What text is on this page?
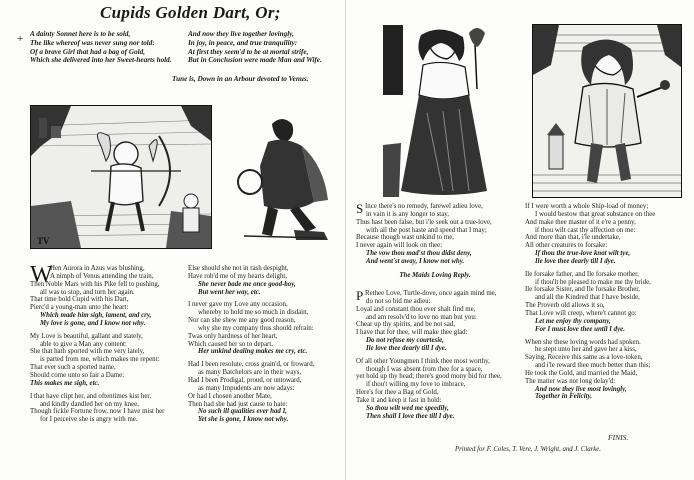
+
Cupids Golden Dart, Or;
A dainty Sonnet here is to be sold,
The like whereof was never sung nor told:
Of a brave Girl that had a bag of Gold,
Which she delivered into her Sweet-hearts hold.
And now they live together lovingly,
In joy, in peace, and true tranquility:
At first they seem'd to be at mortal strife,
But in Conclusion were made Man and Wife.
Tune is, Down in an Arbour devoted to Venus.
TV
W
Hen Aurora in Azus was blushing,
A nimph of Venus attending the train,
Then Noble Mars with his Pike fell to pushing,
all was to stop, and turn her again.
That time bold Cupid with his Dart,
Pierc'd a young-man unto the heart:
Which made him sigh, lament, and cry,
My love is gone, and I know not why.
My Love is beautiful, gallant and stately,
able to give a Man any content:
She that hath sported with me very lately,
is parted from me, which makes me repent:
That ever such a sported name,
Should come unto so fair a Dame:
This makes me sigh, etc.
I that have clipt her, and oftentimes kist her,
and kindly dandled her on my knee,
Though fickle Fortune frow, now I have mist her
for I perceive she is angry with me.
Else should she not in rash despight,
Have rob'd me of my hearts delight,
She never bade me once good-boy,
But went her way, etc.
I never gave my Love any occasion,
whereby to hold me so much in disdain,
Nor can she shew me any good reason,
why she my company thus should refrain:
Twas only hardness of her heart,
Which caused her so to depart,
Her unkind dealing makes me cry, etc.
Had I been resolute, cross grain'd, or froward,
as many Batchelors are in their ways,
Had I been Prodigal, proud, or untoward,
as many Impudents are now adays:
Or had I chosen another Mate,
Then had she had just cause to hate:
No such ill qualities ever had I,
Yet she is gone, I know not why.
S Ince there's no remedy, farewel adieu love,
in vain it is any longer to stay,
Thus hast been false, but i'le seek out a true-love,
with all the post haste and speed that I may;
Because though wast unkind to me,
I never again will look on thee:
The vow thou mad'st thou didst deny,
And went'st away, I know not why.
The Maids Loving Reply.
P Rethee Love, Turtle-dove, once again mind me,
do not so bid me adieu:
Loyal and constant thou ever shalt find me,
and am resolv'd to love no man but you:
Chear up thy spirits, and be not sad,
I have that for thee, will make thee glad:
Do not refuse my courtesie,
Ile love thee dearly till I dye.
Of all other Youngmen I think thee most worthy,
though I was absent from thee for a space,
yet hold up thy head; there's good mony bid for thee,
if thou't willing my love to imbrace,
Here's for thee a Bag of Gold,
Take it and keep it fast in hold:
So thou wilt wed me speedily,
Then shall I love thee till I dye.
If I were worth a whole Ship-load of money;
I would bestow that great substance on thee
And make thee master of it e're a penny,
if thou wilt cast thy affection on me:
And more than that, i'le undertake,
All other creatures to forsake:
If thou the true-love knot wilt tye,
Ile love thee dearly till I dye.
Ile forsake father, and Ile forsake mother,
if thou'lt be pleased to make me thy bride,
Ile forsake Sister, and Ile forsake Brother,
and all the Kindred that I have beside,
The Proverb old allows it so,
That Love will creep, where't cannot go:
Let me enjoy thy company,
For I must love thee until I dye.
When she these loving words had spoken.
he stept unto her and gave her a kiss,
Saying, Receive this same as a love-token,
and i'le reward thee much better than this;
He took the Gold, and married the Maid,
The matter was not long delay'd:
And now they live most lovingly,
Together in Felicity.
FINIS.
Printed for F. Coles, T. Vere, J. Wright, and J. Clarke.
